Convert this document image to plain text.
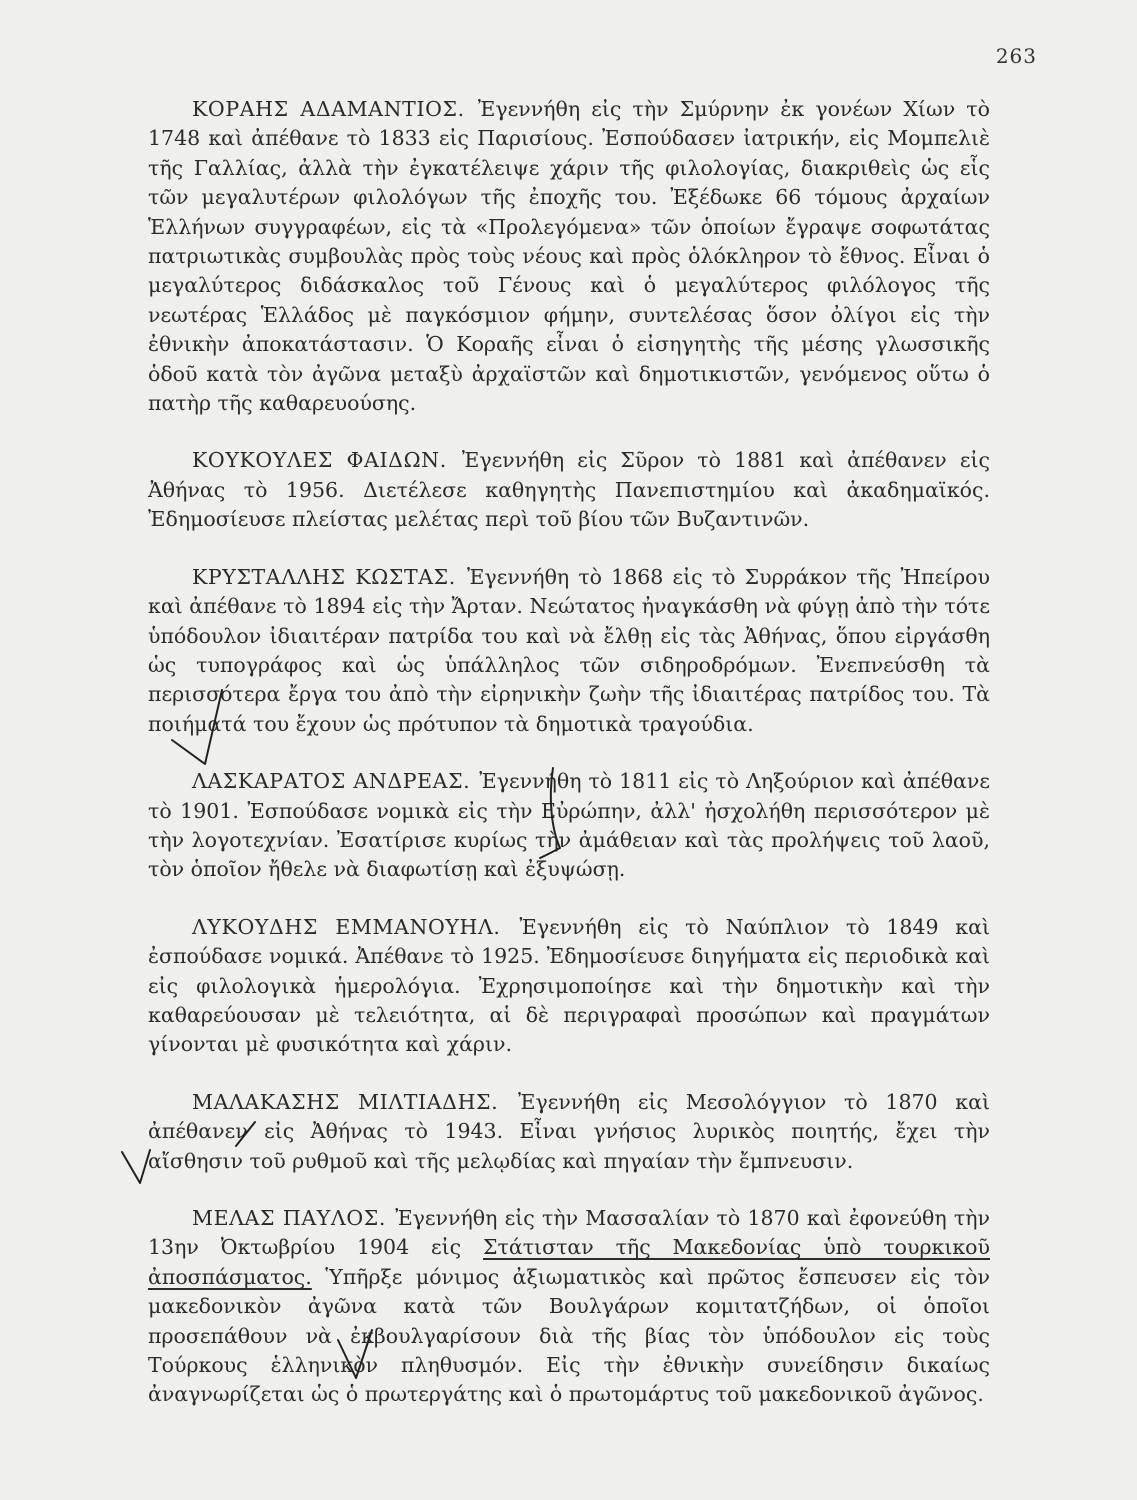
263

ΚΟΡΑΗΣ ΑΔΑΜΑΝΤΙΟΣ. Ἐγεννήθη εἰς τὴν Σμύρνην ἐκ γονέων Χίων τὸ 1748 καὶ ἀπέθανε τὸ 1833 εἰς Παρισίους. Ἐσπούδασεν ἰατρικήν, εἰς Μομπελιὲ τῆς Γαλλίας, ἀλλὰ τὴν ἐγκατέλειψε χάριν τῆς φιλολογίας, διακριθεὶς ὡς εἷς τῶν μεγαλυτέρων φιλολόγων τῆς ἐποχῆς του. Ἐξέδωκε 66 τόμους ἀρχαίων Ἑλλήνων συγγραφέων, εἰς τὰ «Προλεγόμενα» τῶν ὁποίων ἔγραψε σοφωτάτας πατριωτικὰς συμβουλὰς πρὸς τοὺς νέους καὶ πρὸς ὁλόκληρον τὸ ἔθνος. Εἶναι ὁ μεγαλύτερος διδάσκαλος τοῦ Γένους καὶ ὁ μεγαλύτερος φιλόλογος τῆς νεωτέρας Ἑλλάδος μὲ παγκόσμιον φήμην, συντελέσας ὅσον ὀλίγοι εἰς τὴν ἐθνικὴν ἀποκατάστασιν. Ὁ Κοραῆς εἶναι ὁ εἰσηγητὴς τῆς μέσης γλωσσικῆς ὁδοῦ κατὰ τὸν ἀγῶνα μεταξὺ ἀρχαϊστῶν καὶ δημοτικιστῶν, γενόμενος οὕτω ὁ πατὴρ τῆς καθαρευούσης.

ΚΟΥΚΟΥΛΕΣ ΦΑΙΔΩΝ. Ἐγεννήθη εἰς Σῦρον τὸ 1881 καὶ ἀπέθανεν εἰς Ἀθήνας τὸ 1956. Διετέλεσε καθηγητὴς Πανεπιστημίου καὶ ἀκαδημαϊκός. Ἐδημοσίευσε πλείστας μελέτας περὶ τοῦ βίου τῶν Βυζαντινῶν.

ΚΡΥΣΤΑΛΛΗΣ ΚΩΣΤΑΣ. Ἐγεννήθη τὸ 1868 εἰς τὸ Συρράκον τῆς Ἠπείρου καὶ ἀπέθανε τὸ 1894 εἰς τὴν Ἄρταν. Νεώτατος ἠναγκάσθη νὰ φύγῃ ἀπὸ τὴν τότε ὑπόδουλον ἰδιαιτέραν πατρίδα του καὶ νὰ ἔλθῃ εἰς τὰς Ἀθήνας, ὅπου εἰργάσθη ὡς τυπογράφος καὶ ὡς ὑπάλληλος τῶν σιδηροδρόμων. Ἐνεπνεύσθη τὰ περισσότερα ἔργα του ἀπὸ τὴν εἰρηνικὴν ζωὴν τῆς ἰδιαιτέρας πατρίδος του. Τὰ ποιήματά του ἔχουν ὡς πρότυπον τὰ δημοτικὰ τραγούδια.

ΛΑΣΚΑΡΑΤΟΣ ΑΝΔΡΕΑΣ. Ἐγεννήθη τὸ 1811 εἰς τὸ Ληξούριον καὶ ἀπέθανε τὸ 1901. Ἐσπούδασε νομικὰ εἰς τὴν Εὐρώπην, ἀλλ' ἠσχολήθη περισσότερον μὲ τὴν λογοτεχνίαν. Ἐσατίρισε κυρίως τὴν ἀμάθειαν καὶ τὰς προλήψεις τοῦ λαοῦ, τὸν ὁποῖον ἤθελε νὰ διαφωτίσῃ καὶ ἐξυψώσῃ.

ΛΥΚΟΥΔΗΣ ΕΜΜΑΝΟΥΗΛ. Ἐγεννήθη εἰς τὸ Ναύπλιον τὸ 1849 καὶ ἐσπούδασε νομικά. Ἀπέθανε τὸ 1925. Ἐδημοσίευσε διηγήματα εἰς περιοδικὰ καὶ εἰς φιλολογικὰ ἡμερολόγια. Ἐχρησιμοποίησε καὶ τὴν δημοτικὴν καὶ τὴν καθαρεύουσαν μὲ τελειότητα, αἱ δὲ περιγραφαὶ προσώπων καὶ πραγμάτων γίνονται μὲ φυσικότητα καὶ χάριν.

ΜΑΛΑΚΑΣΗΣ ΜΙΛΤΙΑΔΗΣ. Ἐγεννήθη εἰς Μεσολόγγιον τὸ 1870 καὶ ἀπέθανεν εἰς Ἀθήνας τὸ 1943. Εἶναι γνήσιος λυρικὸς ποιητής, ἔχει τὴν αἴσθησιν τοῦ ρυθμοῦ καὶ τῆς μελῳδίας καὶ πηγαίαν τὴν ἔμπνευσιν.

ΜΕΛΑΣ ΠΑΥΛΟΣ. Ἐγεννήθη εἰς τὴν Μασσαλίαν τὸ 1870 καὶ ἐφονεύθη τὴν 13ην Ὀκτωβρίου 1904 εἰς Στάτισταν τῆς Μακεδονίας ὑπὸ τουρκικοῦ ἀποσπάσματος. Ὑπῆρξε μόνιμος ἀξιωματικὸς καὶ πρῶτος ἔσπευσεν εἰς τὸν μακεδονικὸν ἀγῶνα κατὰ τῶν Βουλγάρων κομιτατζήδων, οἱ ὁποῖοι προσεπάθουν νὰ ἐκβουλγαρίσουν διὰ τῆς βίας τὸν ὑπόδουλον εἰς τοὺς Τούρκους ἑλληνικὸν πληθυσμόν. Εἰς τὴν ἐθνικὴν συνείδησιν δικαίως ἀναγνωρίζεται ὡς ὁ πρωτεργάτης καὶ ὁ πρωτομάρτυς τοῦ μακεδονικοῦ ἀγῶνος.
